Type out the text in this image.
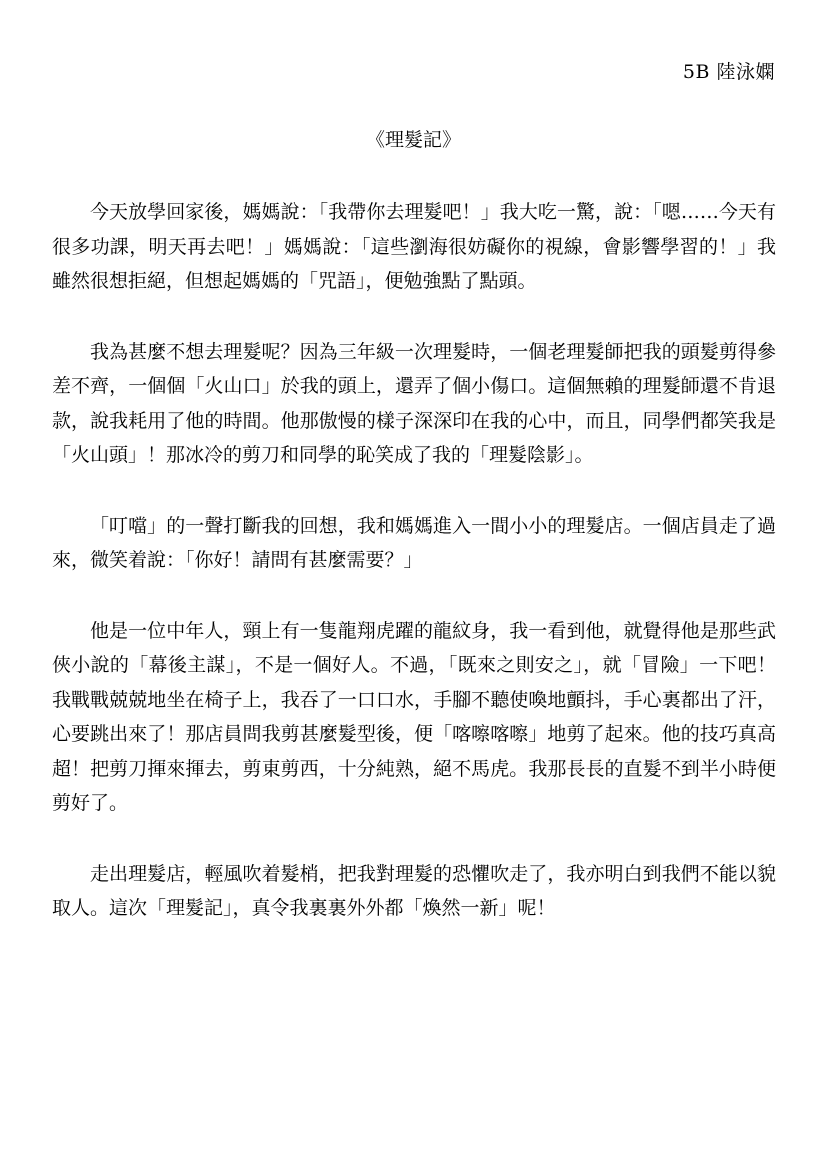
5B 陸泳嫻
《理髮記》

今天放學回家後，媽媽說：「我帶你去理髮吧！」我大吃一驚，說：「嗯……今天有很多功課，明天再去吧！」媽媽說：「這些瀏海很妨礙你的視線，會影響學習的！」我雖然很想拒絕，但想起媽媽的「咒語」，便勉強點了點頭。

我為甚麼不想去理髮呢？因為三年級一次理髮時，一個老理髮師把我的頭髮剪得參差不齊，一個個「火山口」於我的頭上，還弄了個小傷口。這個無賴的理髮師還不肯退款，說我耗用了他的時間。他那傲慢的樣子深深印在我的心中，而且，同學們都笑我是「火山頭」！那冰冷的剪刀和同學的恥笑成了我的「理髮陰影」。

「叮噹」的一聲打斷我的回想，我和媽媽進入一間小小的理髮店。一個店員走了過來，微笑着說：「你好！請問有甚麼需要？」

他是一位中年人，頸上有一隻龍翔虎躍的龍紋身，我一看到他，就覺得他是那些武俠小說的「幕後主謀」，不是一個好人。不過，「既來之則安之」，就「冒險」一下吧！我戰戰兢兢地坐在椅子上，我吞了一口口水，手腳不聽使喚地顫抖，手心裏都出了汗，心要跳出來了！那店員問我剪甚麼髮型後，便「喀嚓喀嚓」地剪了起來。他的技巧真高超！把剪刀揮來揮去，剪東剪西，十分純熟，絕不馬虎。我那長長的直髮不到半小時便剪好了。

走出理髮店，輕風吹着髮梢，把我對理髮的恐懼吹走了，我亦明白到我們不能以貌取人。這次「理髮記」，真令我裏裏外外都「煥然一新」呢！
